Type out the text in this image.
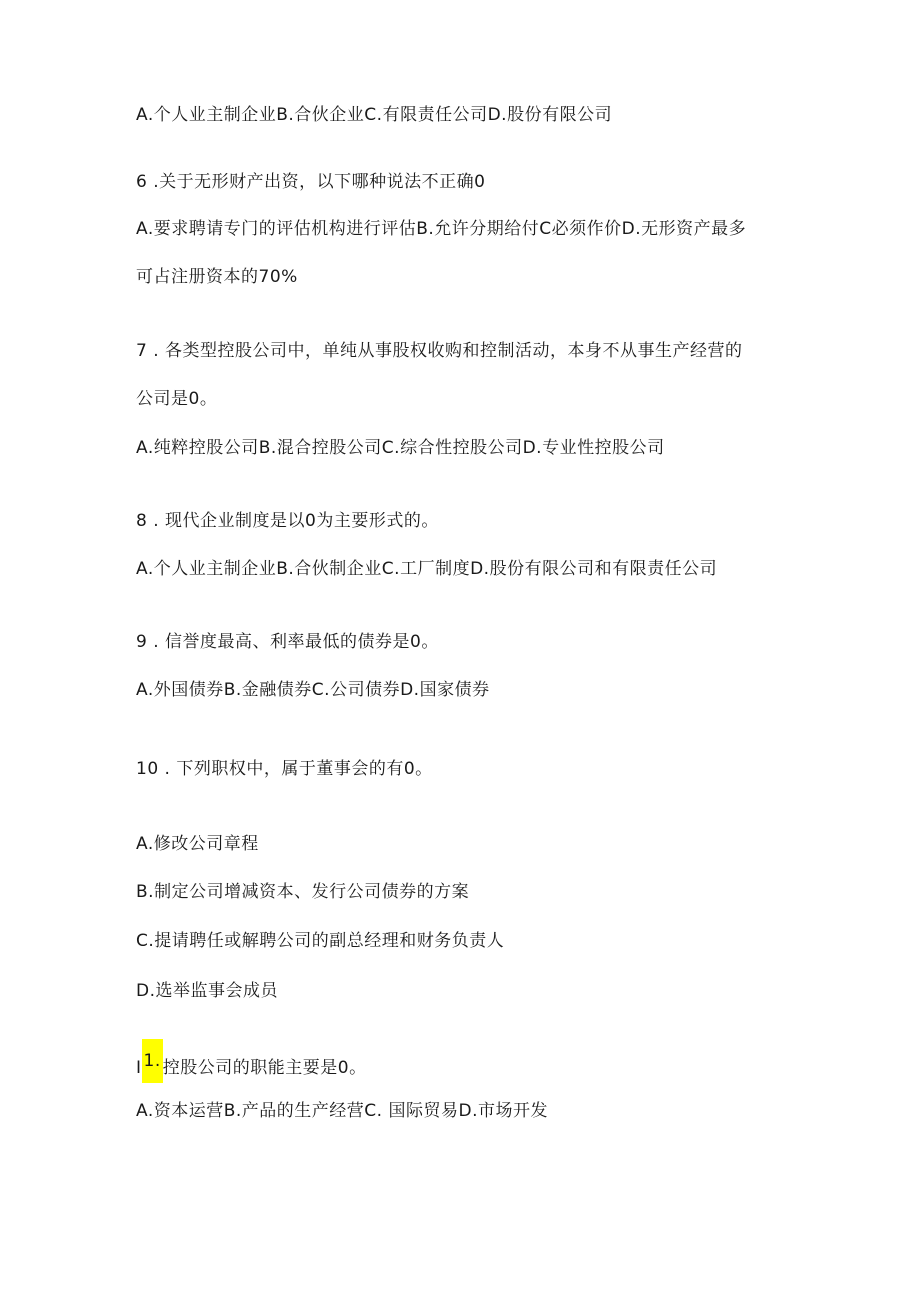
A.个人业主制企业B.合伙企业C.有限责任公司D.股份有限公司
6 .关于无形财产出资，以下哪种说法不正确0
A.要求聘请专门的评估机构进行评估B.允许分期给付C必须作价D.无形资产最多
可占注册资本的70%
7 . 各类型控股公司中，单纯从事股权收购和控制活动，本身不从事生产经营的
公司是0。
A.纯粹控股公司B.混合控股公司C.综合性控股公司D.专业性控股公司
8 . 现代企业制度是以0为主要形式的。
A.个人业主制企业B.合伙制企业C.工厂制度D.股份有限公司和有限责任公司
9 . 信誉度最高、利率最低的债券是0。
A.外国债券B.金融债券C.公司债券D.国家债券
10 . 下列职权中，属于董事会的有0。
A.修改公司章程
B.制定公司增减资本、发行公司债券的方案
C.提请聘任或解聘公司的副总经理和财务负责人
D.选举监事会成员
I 1. 控股公司的职能主要是0。
A.资本运营B.产品的生产经营C. 国际贸易D.市场开发
